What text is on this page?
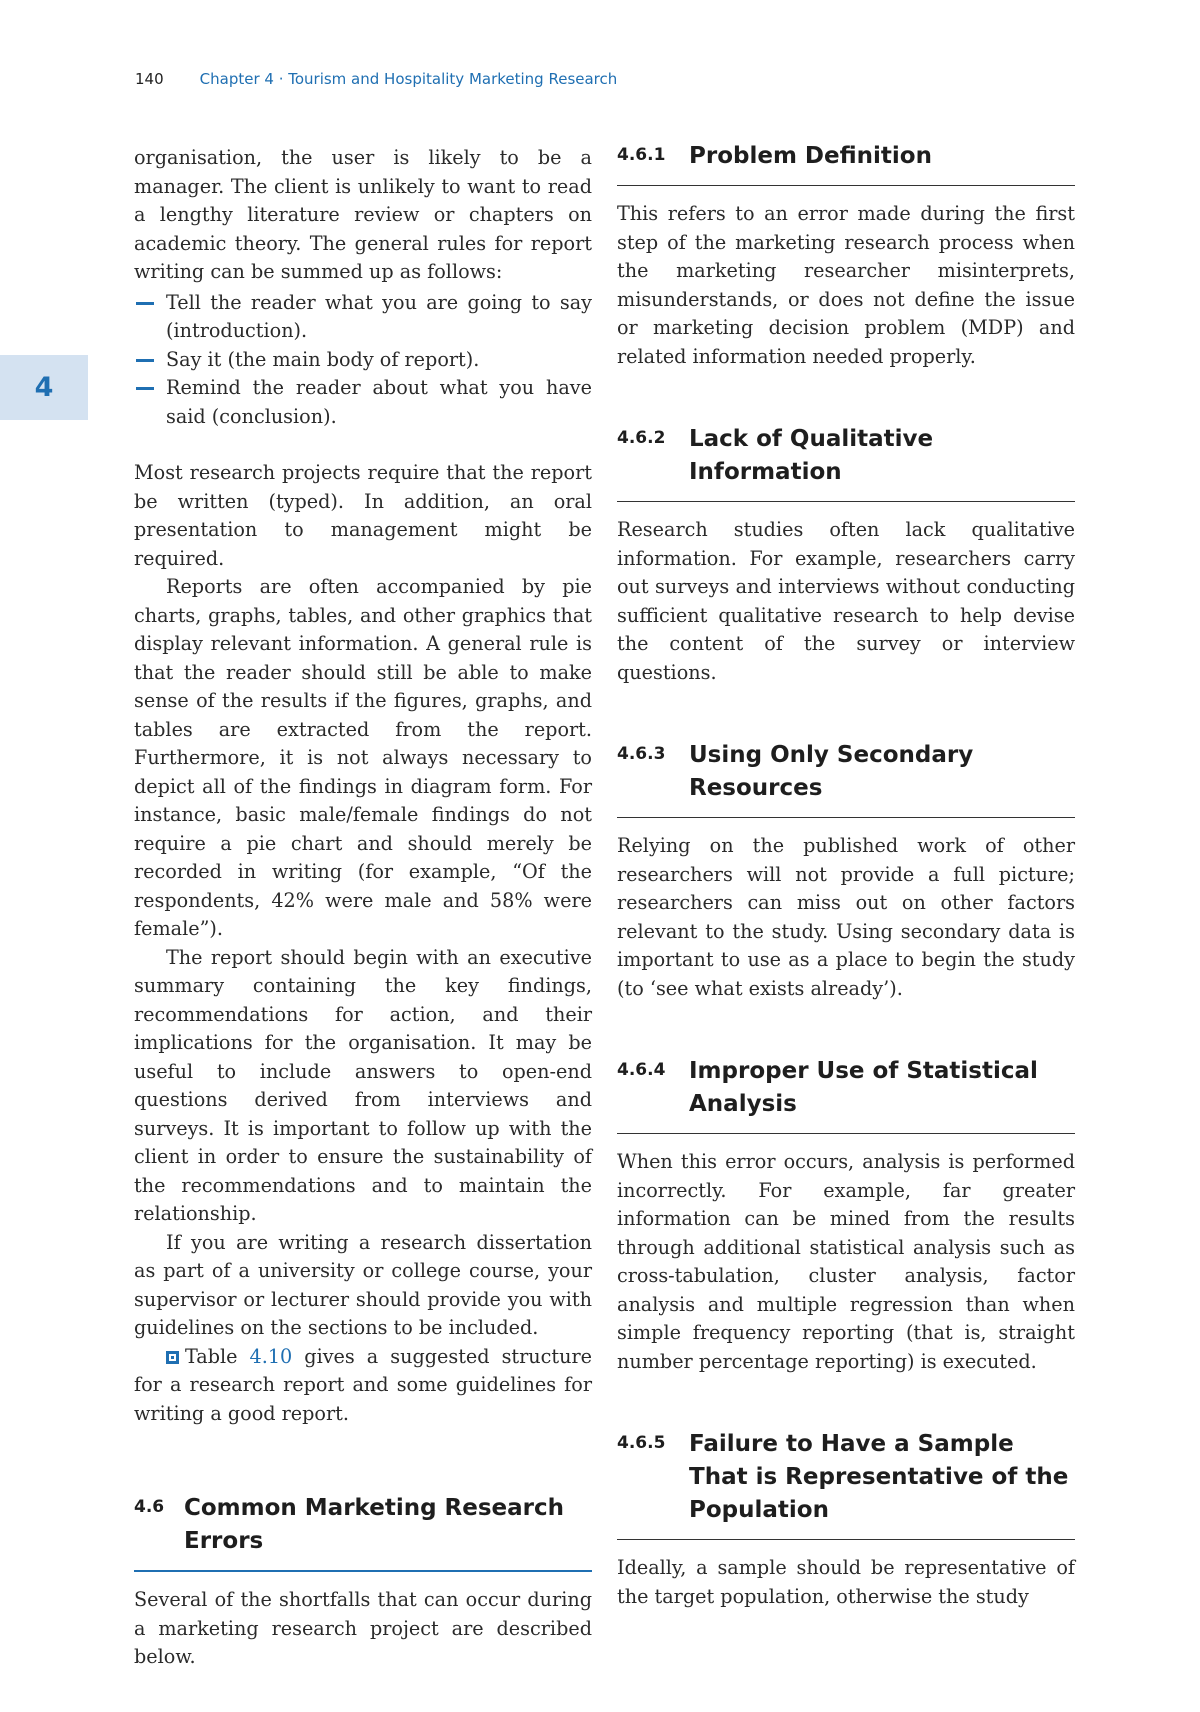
140 Chapter 4 · Tourism and Hospitality Marketing Research
4

organisation, the user is likely to be a manager. The client is unlikely to want to read a lengthy literature review or chapters on academic theory. The general rules for report writing can be summed up as follows:

Tell the reader what you are going to say (introduction).
Say it (the main body of report).
Remind the reader about what you have said (conclusion).

Most research projects require that the report be written (typed). In addition, an oral presentation to management might be required.

Reports are often accompanied by pie charts, graphs, tables, and other graphics that display relevant information. A general rule is that the reader should still be able to make sense of the results if the figures, graphs, and tables are extracted from the report. Furthermore, it is not always necessary to depict all of the findings in diagram form. For instance, basic male/female findings do not require a pie chart and should merely be recorded in writing (for example, “Of the respondents, 42% were male and 58% were female”).

The report should begin with an executive summary containing the key findings, recommendations for action, and their implications for the organisation. It may be useful to include answers to open-end questions derived from interviews and surveys. It is important to follow up with the client in order to ensure the sustainability of the recommendations and to maintain the relationship.

If you are writing a research dissertation as part of a university or college course, your supervisor or lecturer should provide you with guidelines on the sections to be included.

Table 4.10 gives a suggested structure for a research report and some guidelines for writing a good report.

4.6 Common Marketing Research Errors

Several of the shortfalls that can occur during a marketing research project are described below.

4.6.1	Problem Definition

This refers to an error made during the first step of the marketing research process when the marketing researcher misinterprets, misunderstands, or does not define the issue or marketing decision problem (MDP) and related information needed properly.

4.6.2	Lack of Qualitative Information

Research studies often lack qualitative information. For example, researchers carry out surveys and interviews without conducting sufficient qualitative research to help devise the content of the survey or interview questions.

4.6.3	Using Only Secondary Resources

Relying on the published work of other researchers will not provide a full picture; researchers can miss out on other factors relevant to the study. Using secondary data is important to use as a place to begin the study (to ‘see what exists already’).

4.6.4	Improper Use of Statistical Analysis

When this error occurs, analysis is performed incorrectly. For example, far greater information can be mined from the results through additional statistical analysis such as cross-tabulation, cluster analysis, factor analysis and multiple regression than when simple frequency reporting (that is, straight number percentage reporting) is executed.

4.6.5	Failure to Have a Sample That is Representative of the Population

Ideally, a sample should be representative of the target population, otherwise the study
